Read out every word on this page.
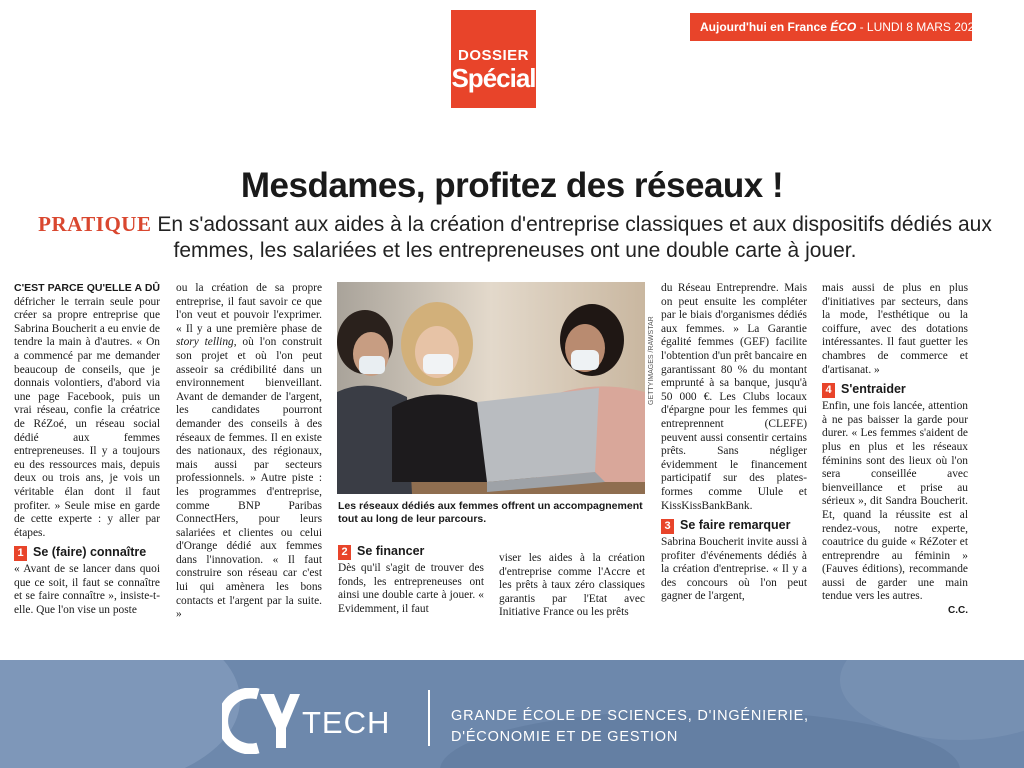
DOSSIER
Spécial
Aujourd'hui en France ÉCO - LUNDI 8 MARS 2021
Mesdames, profitez des réseaux !
PRATIQUE En s'adossant aux aides à la création d'entreprise classiques et aux dispositifs dédiés aux femmes, les salariées et les entrepreneuses ont une double carte à jouer.

C'EST PARCE QU'ELLE A DÛ défricher le terrain seule pour créer sa propre entreprise que Sabrina Boucherit a eu envie de tendre la main à d'autres. « On a commencé par me demander beaucoup de conseils, que je donnais volontiers, d'abord via une page Facebook, puis un vrai réseau, confie la créatrice de RéZoé, un réseau social dédié aux femmes entrepreneuses. Il y a toujours eu des ressources mais, depuis deux ou trois ans, je vois un véritable élan dont il faut profiter. » Seule mise en garde de cette experte : y aller par étapes.

1 Se (faire) connaître

« Avant de se lancer dans quoi que ce soit, il faut se connaître et se faire connaître », insiste-t-elle. Que l'on vise un poste

ou la création de sa propre entreprise, il faut savoir ce que l'on veut et pouvoir l'exprimer. « Il y a une première phase de story telling, où l'on construit son projet et où l'on peut asseoir sa crédibilité dans un environnement bienveillant. Avant de demander de l'argent, les candidates pourront demander des conseils à des réseaux de femmes. Il en existe des nationaux, des régionaux, mais aussi par secteurs professionnels. » Autre piste : les programmes d'entreprise, comme BNP Paribas ConnectHers, pour leurs salariées et clientes ou celui d'Orange dédié aux femmes dans l'innovation. « Il faut construire son réseau car c'est lui qui amènera les bons contacts et l'argent par la suite. »

GETTYIMAGES /RAWSTAR
Les réseaux dédiés aux femmes offrent un accompagnement tout au long de leur parcours.

2 Se financer

Dès qu'il s'agit de trouver des fonds, les entrepreneuses ont ainsi une double carte à jouer. « Evidemment, il faut

viser les aides à la création d'entreprise comme l'Accre et les prêts à taux zéro classiques garantis par l'Etat avec Initiative France ou les prêts

du Réseau Entreprendre. Mais on peut ensuite les compléter par le biais d'organismes dédiés aux femmes. » La Garantie égalité femmes (GEF) facilite l'obtention d'un prêt bancaire en garantissant 80 % du montant emprunté à sa banque, jusqu'à 50 000 €. Les Clubs locaux d'épargne pour les femmes qui entreprennent (CLEFE) peuvent aussi consentir certains prêts. Sans négliger évidemment le financement participatif sur des plates-formes comme Ulule et KissKissBankBank.

3 Se faire remarquer

Sabrina Boucherit invite aussi à profiter d'événements dédiés à la création d'entreprise. « Il y a des concours où l'on peut gagner de l'argent,

mais aussi de plus en plus d'initiatives par secteurs, dans la mode, l'esthétique ou la coiffure, avec des dotations intéressantes. Il faut guetter les chambres de commerce et d'artisanat. »

4 S'entraider

Enfin, une fois lancée, attention à ne pas baisser la garde pour durer. « Les femmes s'aident de plus en plus et les réseaux féminins sont des lieux où l'on sera conseillée avec bienveillance et prise au sérieux », dit Sandra Boucherit. Et, quand la réussite est al rendez-vous, notre experte, coautrice du guide « RéZoter et entreprendre au féminin » (Fauves éditions), recommande aussi de garder une main tendue vers les autres.

C.C.

TECH	GRANDE ÉCOLE DE SCIENCES, D'INGÉNIERIE,
D'ÉCONOMIE ET DE GESTION
